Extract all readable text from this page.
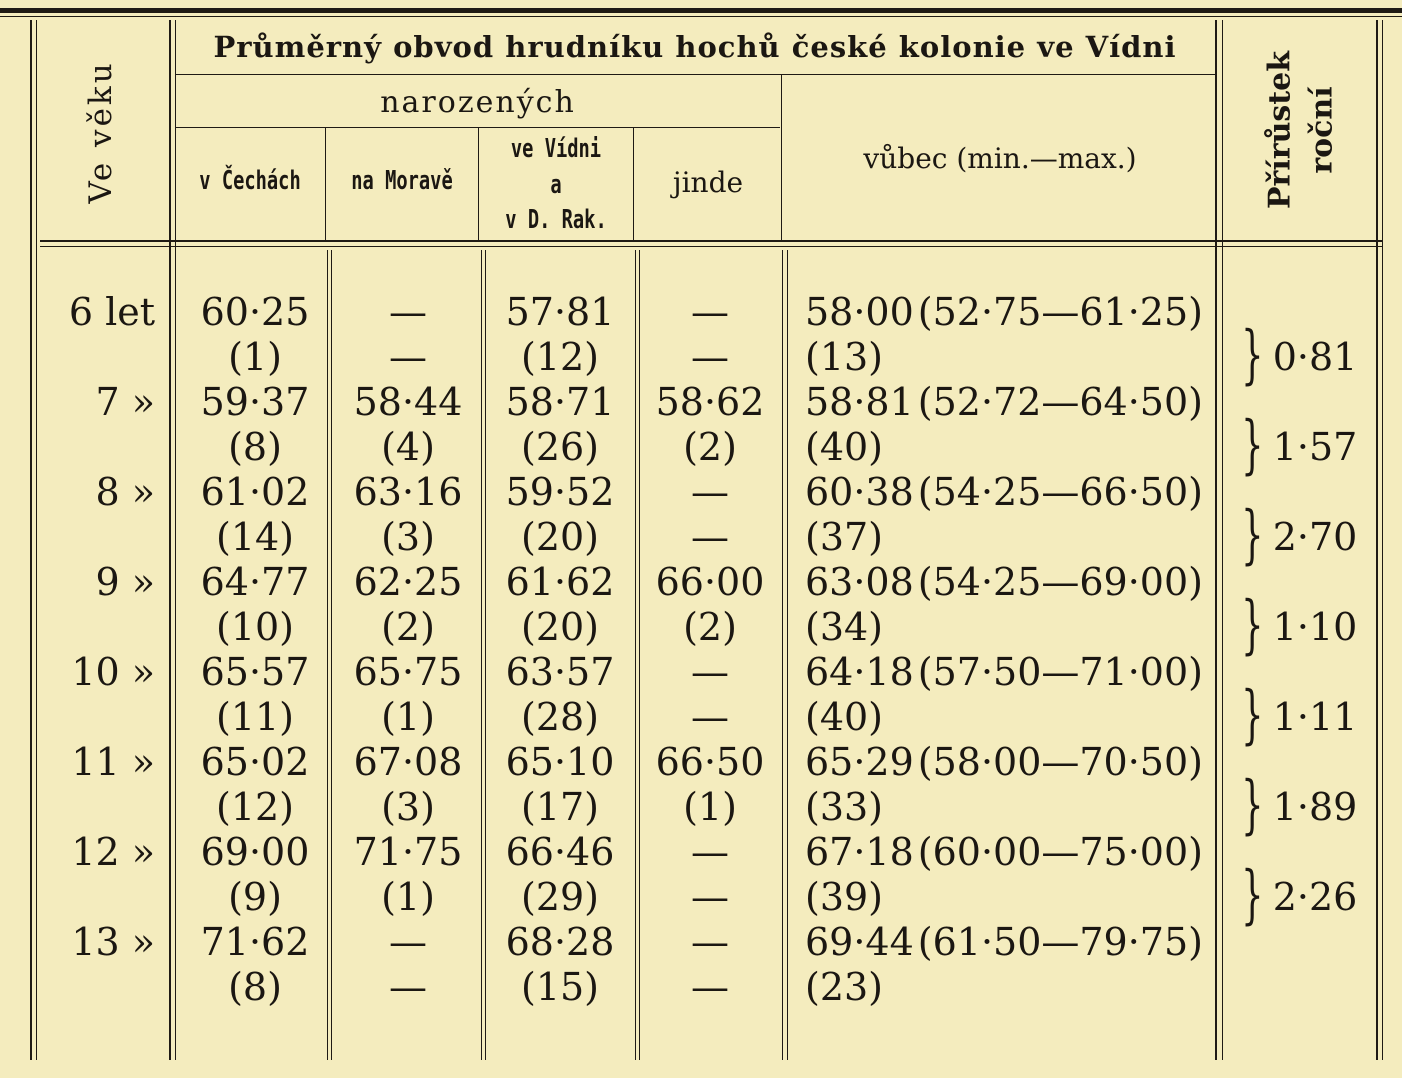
Ve věku
Průměrný obvod hrudníku hochů české kolonie ve Vídni
narozených
v Čechách na Moravě
ve Vídni
a
v D. Rak.
jinde
vůbec (min.—max.)	Přírůstek roční
6 let 60·25
(1)
—
—
57·81
(12)
—
—
58·00
(13)
(52·75—61·25)
7 » 59·37
(8)
58·44
(4)
58·71
(26)
58·62
(2)
58·81
(40)
(52·72—64·50)
8 » 61·02
(14)
63·16
(3)
59·52
(20)
—
—
60·38
(37)
(54·25—66·50)
9 » 64·77
(10)
62·25
(2)
61·62
(20)
66·00
(2)
63·08
(34)
(54·25—69·00)
10 » 65·57
(11)
65·75
(1)
63·57
(28)
—
—
64·18
(40)
(57·50—71·00)
11 » 65·02
(12)
67·08
(3)
65·10
(17)
66·50
(1)
65·29
(33)
(58·00—70·50)
12 » 69·00
(9)
71·75
(1)
66·46
(29)
—
—
67·18
(39)
(60·00—75·00)
13 » 71·62
(8)
—
—
68·28
(15)
—
—
69·44
(23)
(61·50—79·75)
} 0·81
} 1·57
} 2·70
} 1·10
} 1·11
} 1·89
} 2·26
